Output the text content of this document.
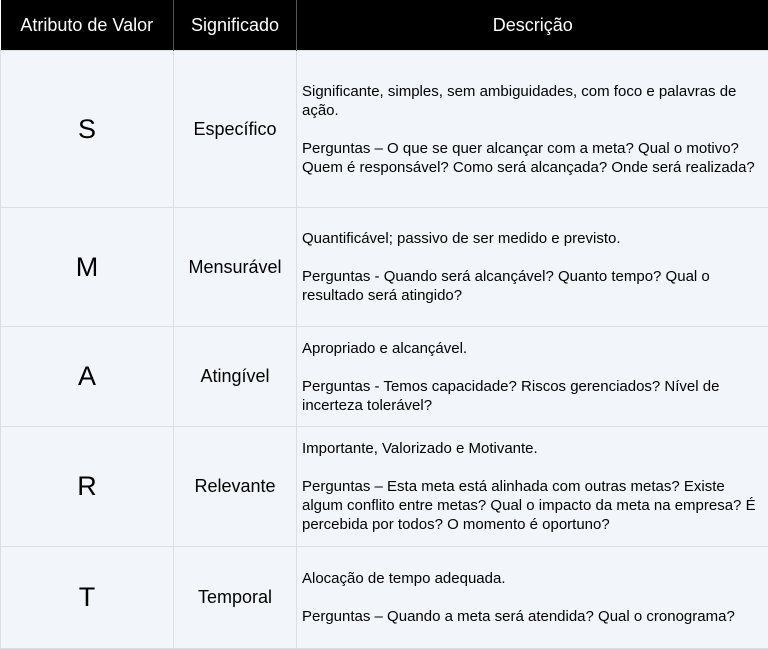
Atributo de Valor	Significado	Descrição
S	Específico	Significante, simples, sem ambiguidades, com foco e palavras de ação.

Perguntas – O que se quer alcançar com a meta? Qual o motivo? Quem é responsável? Como será alcançada? Onde será realizada?

M	Mensurável	Quantificável; passivo de ser medido e previsto.

Perguntas - Quando será alcançável? Quanto tempo? Qual o resultado será atingido?

A	Atingível	Apropriado e alcançável.

Perguntas - Temos capacidade? Riscos gerenciados? Nível de incerteza tolerável?

R	Relevante	Importante, Valorizado e Motivante.

Perguntas – Esta meta está alinhada com outras metas? Existe algum conflito entre metas? Qual o impacto da meta na empresa? É percebida por todos? O momento é oportuno?

T	Temporal	Alocação de tempo adequada.

Perguntas – Quando a meta será atendida? Qual o cronograma?
